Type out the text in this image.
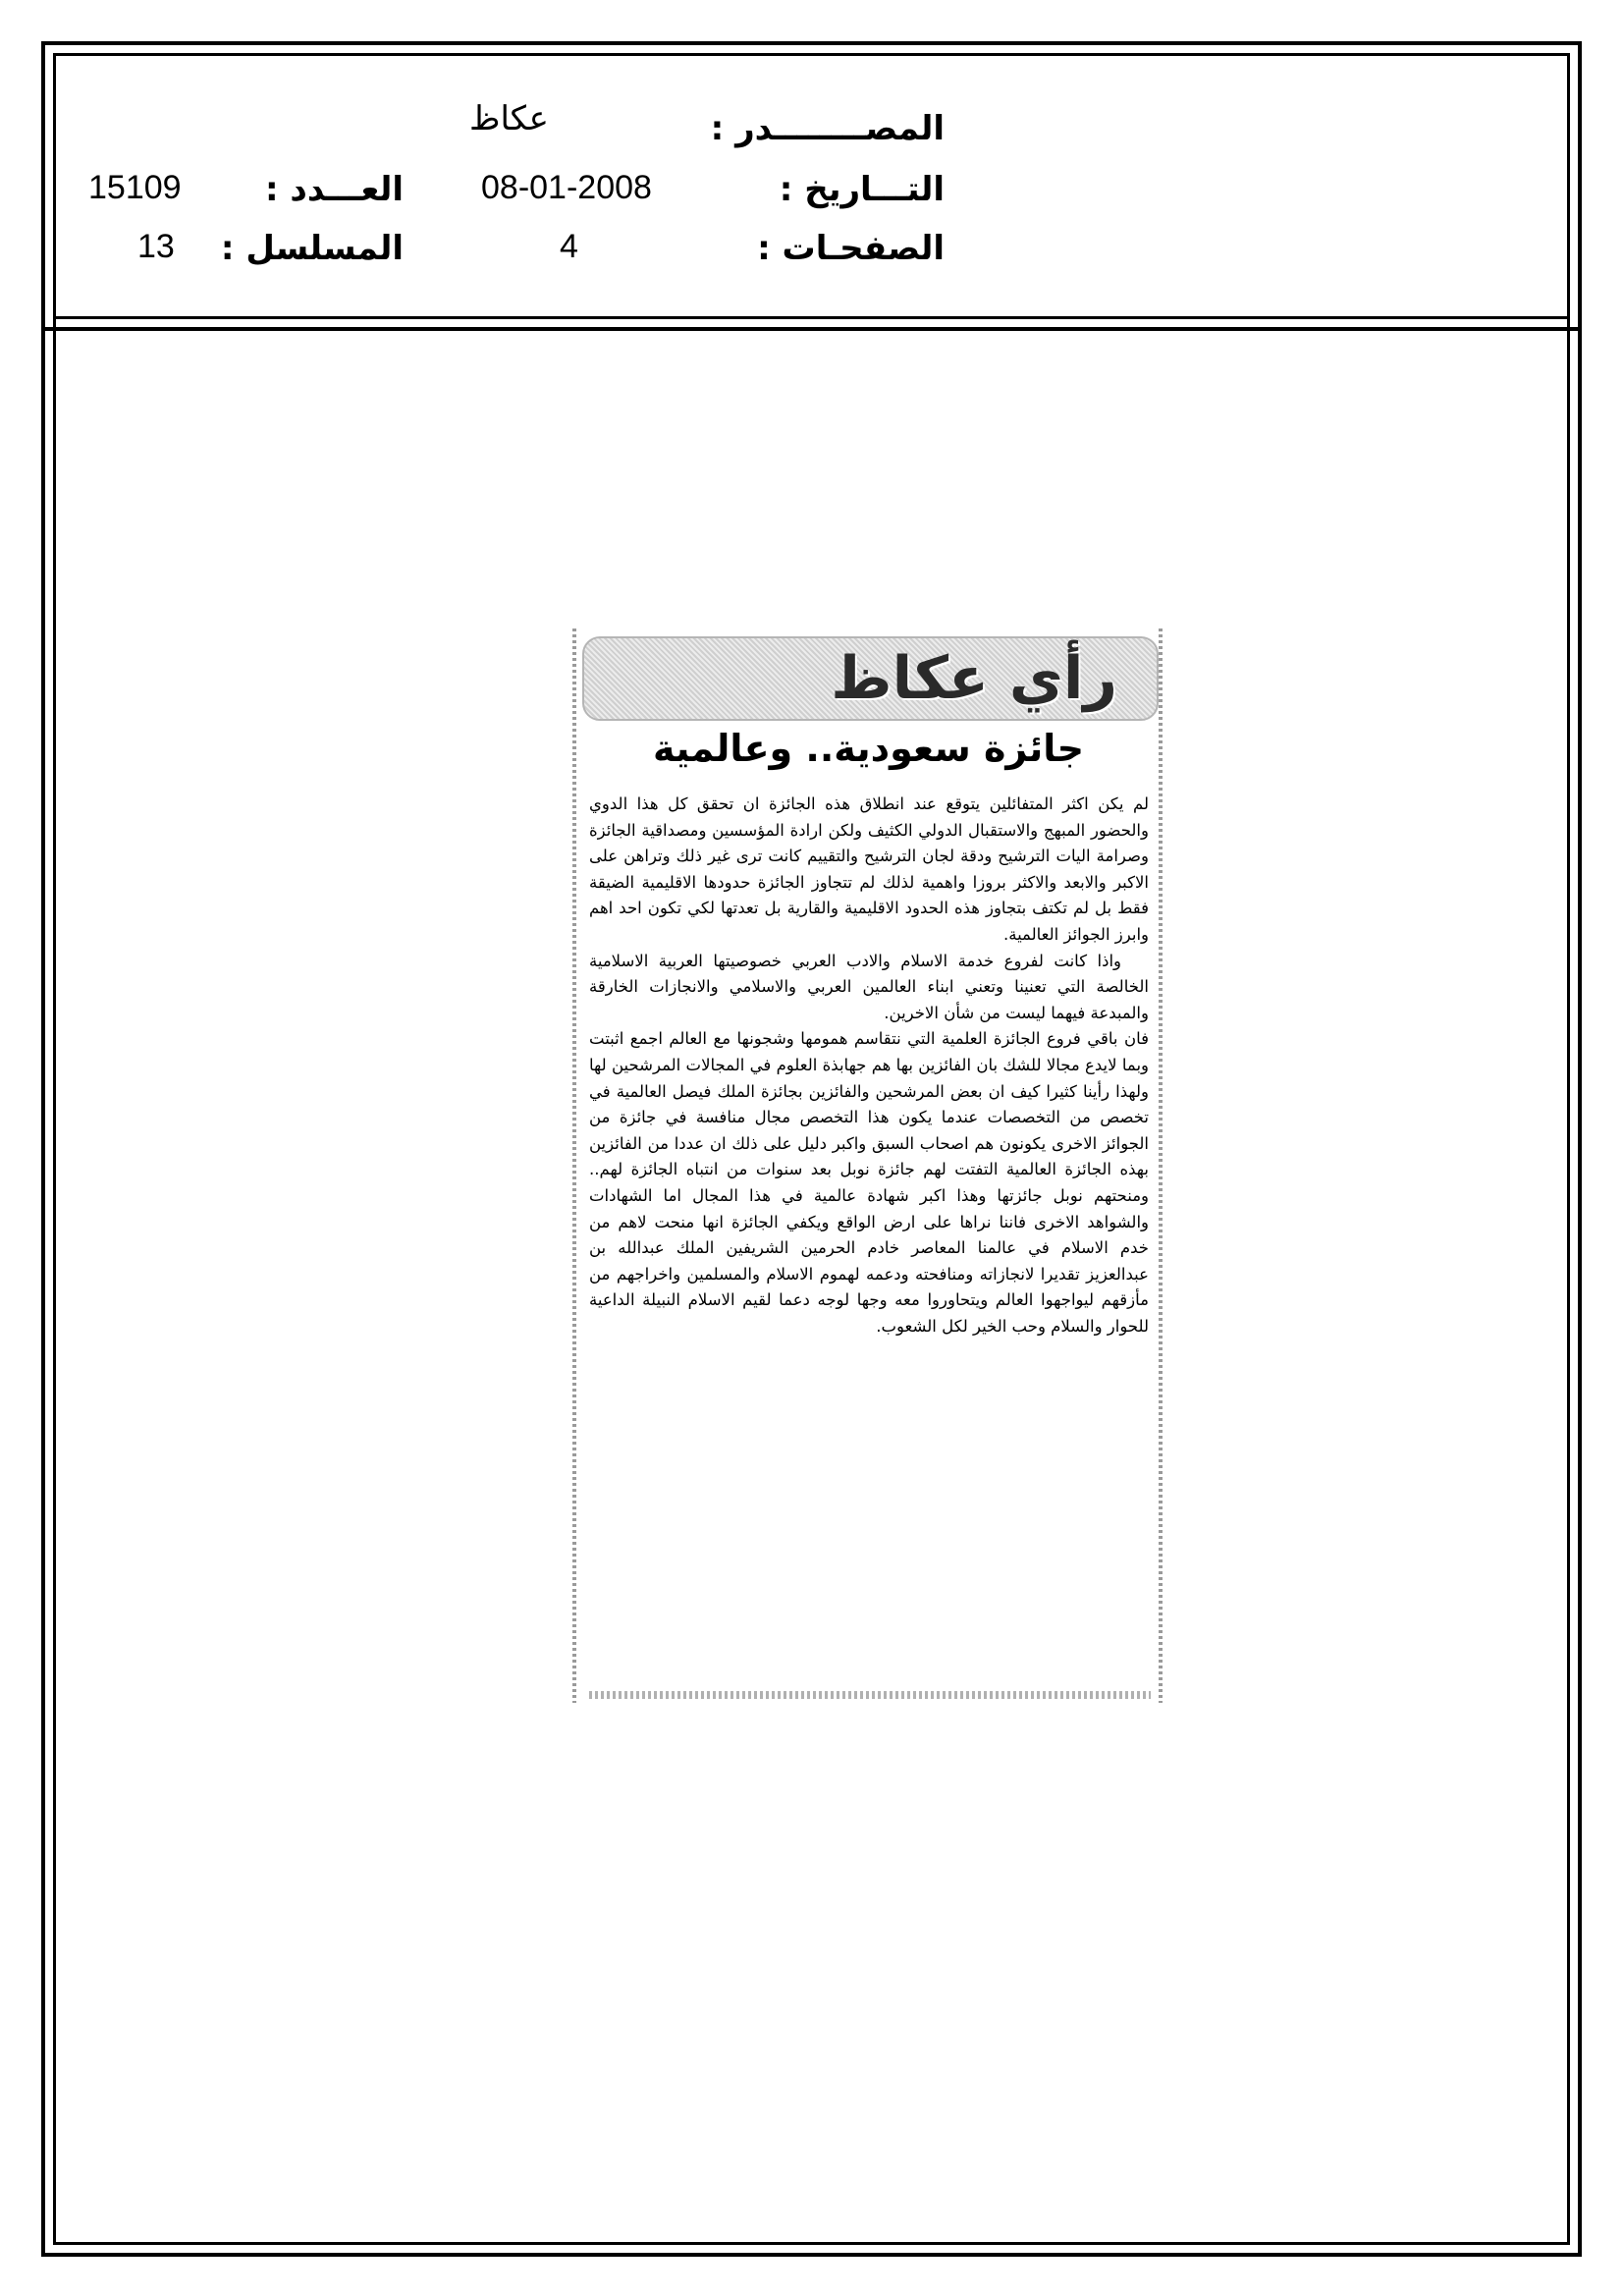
المصــــــــدر :
عكاظ
التـــاريخ :
08-01-2008
العـــدد :
15109
الصفحـات :
4
المسلسل :
13
رأي عكاظ
جائزة سعودية.. وعالمية

لم يكن اكثر المتفائلين يتوقع عند انطلاق هذه الجائزة ان تحقق كل هذا الدوي والحضور المبهج والاستقبال الدولي الكثيف ولكن ارادة المؤسسين ومصداقية الجائزة وصرامة اليات الترشيح ودقة لجان الترشيح والتقييم كانت ترى غير ذلك وتراهن على الاكبر والابعد والاكثر بروزا واهمية لذلك لم تتجاوز الجائزة حدودها الاقليمية الضيقة فقط بل لم تكتف بتجاوز هذه الحدود الاقليمية والقارية بل تعدتها لكي تكون احد اهم وابرز الجوائز العالمية.

واذا كانت لفروع خدمة الاسلام والادب العربي خصوصيتها العربية الاسلامية الخالصة التي تعنينا وتعني ابناء العالمين العربي والاسلامي والانجازات الخارقة والمبدعة فيهما ليست من شأن الاخرين.

فان باقي فروع الجائزة العلمية التي نتقاسم همومها وشجونها مع العالم اجمع اثبتت وبما لايدع مجالا للشك بان الفائزين بها هم جهابذة العلوم في المجالات المرشحين لها ولهذا رأينا كثيرا كيف ان بعض المرشحين والفائزين بجائزة الملك فيصل العالمية في تخصص من التخصصات عندما يكون هذا التخصص مجال منافسة في جائزة من الجوائز الاخرى يكونون هم اصحاب السبق واكبر دليل على ذلك ان عددا من الفائزين بهذه الجائزة العالمية التفتت لهم جائزة نوبل بعد سنوات من انتباه الجائزة لهم.. ومنحتهم نوبل جائزتها وهذا اكبر شهادة عالمية في هذا المجال اما الشهادات والشواهد الاخرى فاننا نراها على ارض الواقع ويكفي الجائزة انها منحت لاهم من خدم الاسلام في عالمنا المعاصر خادم الحرمين الشريفين الملك عبدالله بن عبدالعزيز تقديرا لانجازاته ومنافحته ودعمه لهموم الاسلام والمسلمين واخراجهم من مأزقهم ليواجهوا العالم ويتحاوروا معه وجها لوجه دعما لقيم الاسلام النبيلة الداعية للحوار والسلام وحب الخير لكل الشعوب.
